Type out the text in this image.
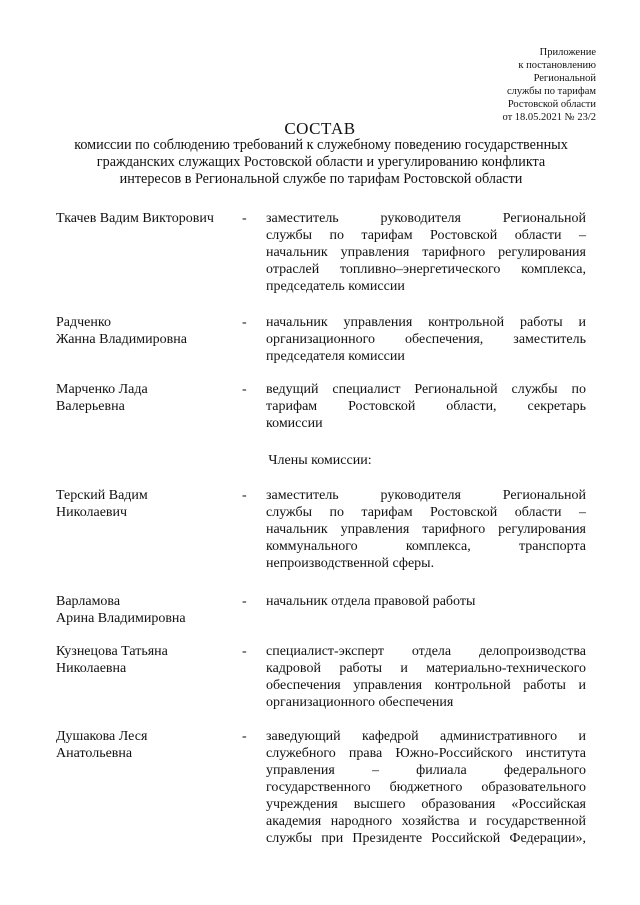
Приложение
к постановлению
Региональной
службы по тарифам
Ростовской области
от 18.05.2021 № 23/2
СОСТАВ
комиссии по соблюдению требований к служебному поведению государственных
гражданских служащих Ростовской области и урегулированию конфликта
интересов в Региональной службе по тарифам Ростовской области
Ткачев Вадим Викторович	- заместитель руководителя Региональной
службы по тарифам Ростовской области –
начальник управления тарифного регулирования
отраслей топливно–энергетического комплекса,
председатель комиссии
Радченко
Жанна Владимировна
- начальник управления контрольной работы и
организационного обеспечения, заместитель
председателя комиссии
Марченко Лада
Валерьевна
- ведущий специалист Региональной службы по
тарифам Ростовской области, секретарь
комиссии
Члены комиссии:
Терский Вадим
Николаевич
- заместитель руководителя Региональной
службы по тарифам Ростовской области –
начальник управления тарифного регулирования
коммунального комплекса, транспорта
непроизводственной сферы.
Варламова
Арина Владимировна
- начальник отдела правовой работы
Кузнецова Татьяна
Николаевна
- специалист-эксперт отдела делопроизводства
кадровой работы и материально-технического
обеспечения управления контрольной работы и
организационного обеспечения
Душакова Леся
Анатольевна
- заведующий кафедрой административного и
служебного права Южно-Российского института
управления – филиала федерального
государственного бюджетного образовательного
учреждения высшего образования «Российская
академия народного хозяйства и государственной
службы при Президенте Российской Федерации»,
